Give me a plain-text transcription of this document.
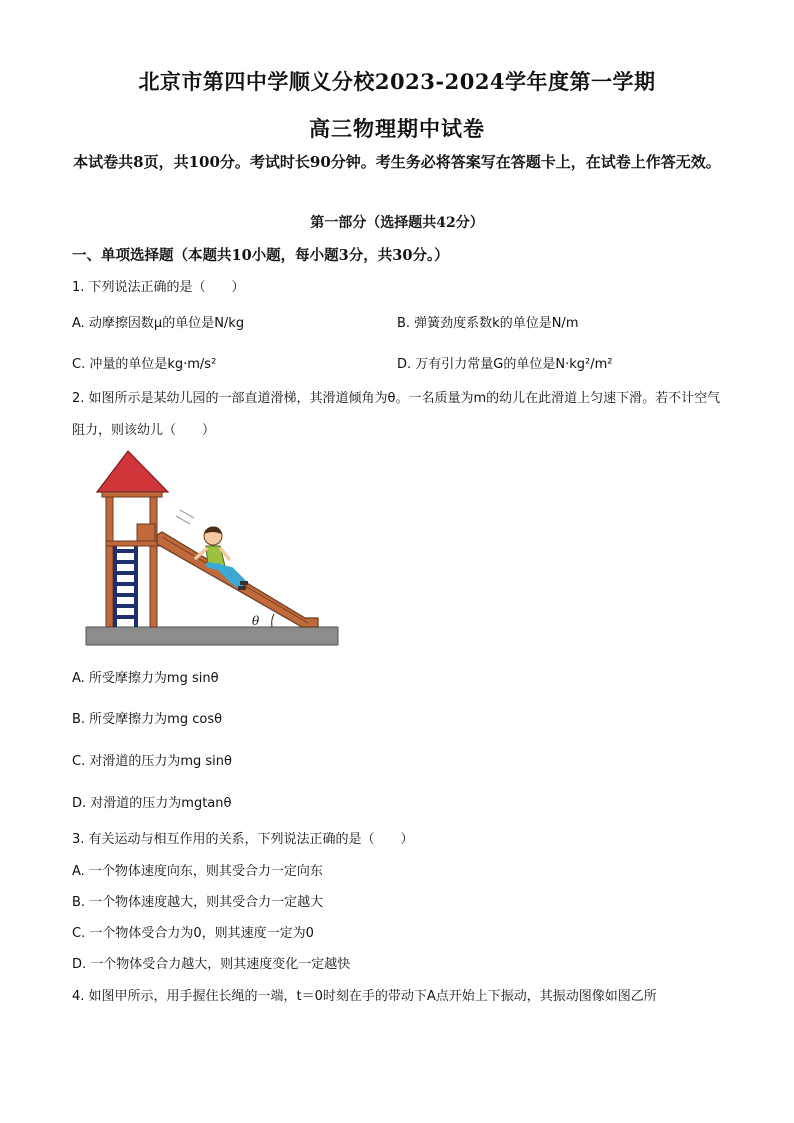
北京市第四中学顺义分校2023-2024学年度第一学期
高三物理期中试卷
本试卷共8页，共100分。考试时长90分钟。考生务必将答案写在答题卡上，在试卷上作答无效。
第一部分（选择题共42分）
一、单项选择题（本题共10小题，每小题3分，共30分。）
1. 下列说法正确的是（　　）
A. 动摩擦因数μ的单位是N/kg	B. 弹簧劲度系数k的单位是N/m
C. 冲量的单位是kg·m/s²	D. 万有引力常量G的单位是N·kg²/m²
2. 如图所示是某幼儿园的一部直道滑梯，其滑道倾角为θ。一名质量为m的幼儿在此滑道上匀速下滑。若不计空气阻力，则该幼儿（　　）
θ
A. 所受摩擦力为mg sinθ
B. 所受摩擦力为mg cosθ
C. 对滑道的压力为mg sinθ
D. 对滑道的压力为mgtanθ
3. 有关运动与相互作用的关系，下列说法正确的是（　　）
A. 一个物体速度向东，则其受合力一定向东
B. 一个物体速度越大，则其受合力一定越大
C. 一个物体受合力为0，则其速度一定为0
D. 一个物体受合力越大，则其速度变化一定越快
4. 如图甲所示，用手握住长绳的一端，t＝0时刻在手的带动下A点开始上下振动，其振动图像如图乙所
